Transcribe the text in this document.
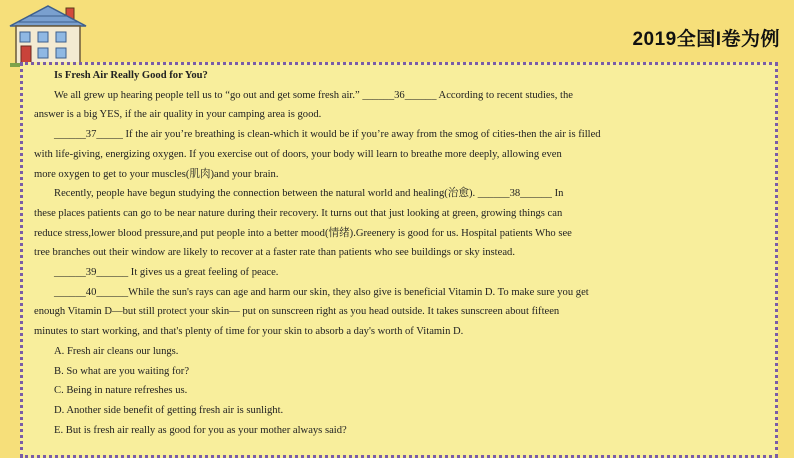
2019全国I卷为例
Is Fresh Air Really Good for You?
We all grew up hearing people tell us to “go out and get some fresh air.” ______36______ According to recent studies, the
answer is a big YES, if the air quality in your camping area is good.
______37_____ If the air you’re breathing is clean-which it would be if you’re away from the smog of cities-then the air is filled
with life-giving, energizing oxygen. If you exercise out of doors, your body will learn to breathe more deeply, allowing even
more oxygen to get to your muscles(肌肉)and your brain.
Recently, people have begun studying the connection between the natural world and healing(治愈). ______38______ In
these places patients can go to be near nature during their recovery. It turns out that just looking at green, growing things can
reduce stress,lower blood pressure,and put people into a better mood(情绪).Greenery is good for us. Hospital patients Who see
tree branches out their window are likely to recover at a faster rate than patients who see buildings or sky instead.
______39______ It gives us a great feeling of peace.
______40______While the sun's rays can age and harm our skin, they also give is beneficial Vitamin D. To make sure you get
enough Vitamin D—but still protect your skin— put on sunscreen right as you head outside. It takes sunscreen about fifteen
minutes to start working, and that's plenty of time for your skin to absorb a day's worth of Vitamin D.
A. Fresh air cleans our lungs.
B. So what are you waiting for?
C. Being in nature refreshes us.
D. Another side benefit of getting fresh air is sunlight.
E. But is fresh air really as good for you as your mother always said?
